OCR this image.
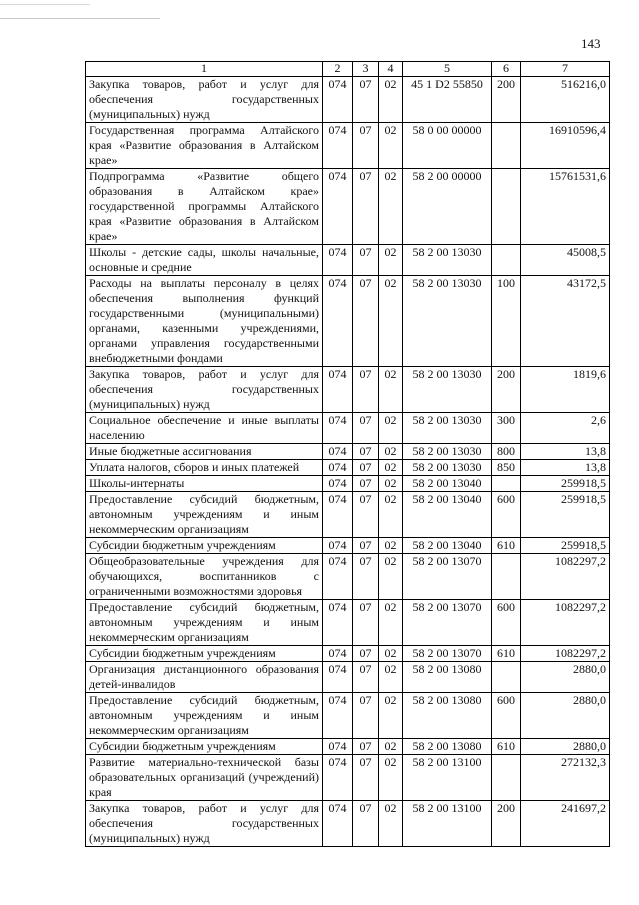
143
1	2	3	4	5	6	7
Закупка товаров, работ и услуг для обеспечения государственных (муниципальных) нужд	074	07	02	45 1 D2 55850	200	516216,0
Государственная программа Алтайского края «Развитие образования в Алтайском крае»	074	07	02	58 0 00 00000		16910596,4
Подпрограмма «Развитие общего образования в Алтайском крае» государственной программы Алтайского края «Развитие образования в Алтайском крае»	074	07	02	58 2 00 00000		15761531,6
Школы - детские сады, школы начальные, основные и средние	074	07	02	58 2 00 13030		45008,5
Расходы на выплаты персоналу в целях обеспечения выполнения функций государственными (муниципальными) органами, казенными учреждениями, органами управления государственными внебюджетными фондами	074	07	02	58 2 00 13030	100	43172,5
Закупка товаров, работ и услуг для обеспечения государственных (муниципальных) нужд	074	07	02	58 2 00 13030	200	1819,6
Социальное обеспечение и иные выплаты населению	074	07	02	58 2 00 13030	300	2,6
Иные бюджетные ассигнования	074	07	02	58 2 00 13030	800	13,8
Уплата налогов, сборов и иных платежей	074	07	02	58 2 00 13030	850	13,8
Школы-интернаты	074	07	02	58 2 00 13040		259918,5
Предоставление субсидий бюджетным, автономным учреждениям и иным некоммерческим организациям	074	07	02	58 2 00 13040	600	259918,5
Субсидии бюджетным учреждениям	074	07	02	58 2 00 13040	610	259918,5
Общеобразовательные учреждения для обучающихся, воспитанников с ограниченными возможностями здоровья	074	07	02	58 2 00 13070		1082297,2
Предоставление субсидий бюджетным, автономным учреждениям и иным некоммерческим организациям	074	07	02	58 2 00 13070	600	1082297,2
Субсидии бюджетным учреждениям	074	07	02	58 2 00 13070	610	1082297,2
Организация дистанционного образования детей-инвалидов	074	07	02	58 2 00 13080		2880,0
Предоставление субсидий бюджетным, автономным учреждениям и иным некоммерческим организациям	074	07	02	58 2 00 13080	600	2880,0
Субсидии бюджетным учреждениям	074	07	02	58 2 00 13080	610	2880,0
Развитие материально-технической базы образовательных организаций (учреждений) края	074	07	02	58 2 00 13100		272132,3
Закупка товаров, работ и услуг для обеспечения государственных (муниципальных) нужд	074	07	02	58 2 00 13100	200	241697,2
